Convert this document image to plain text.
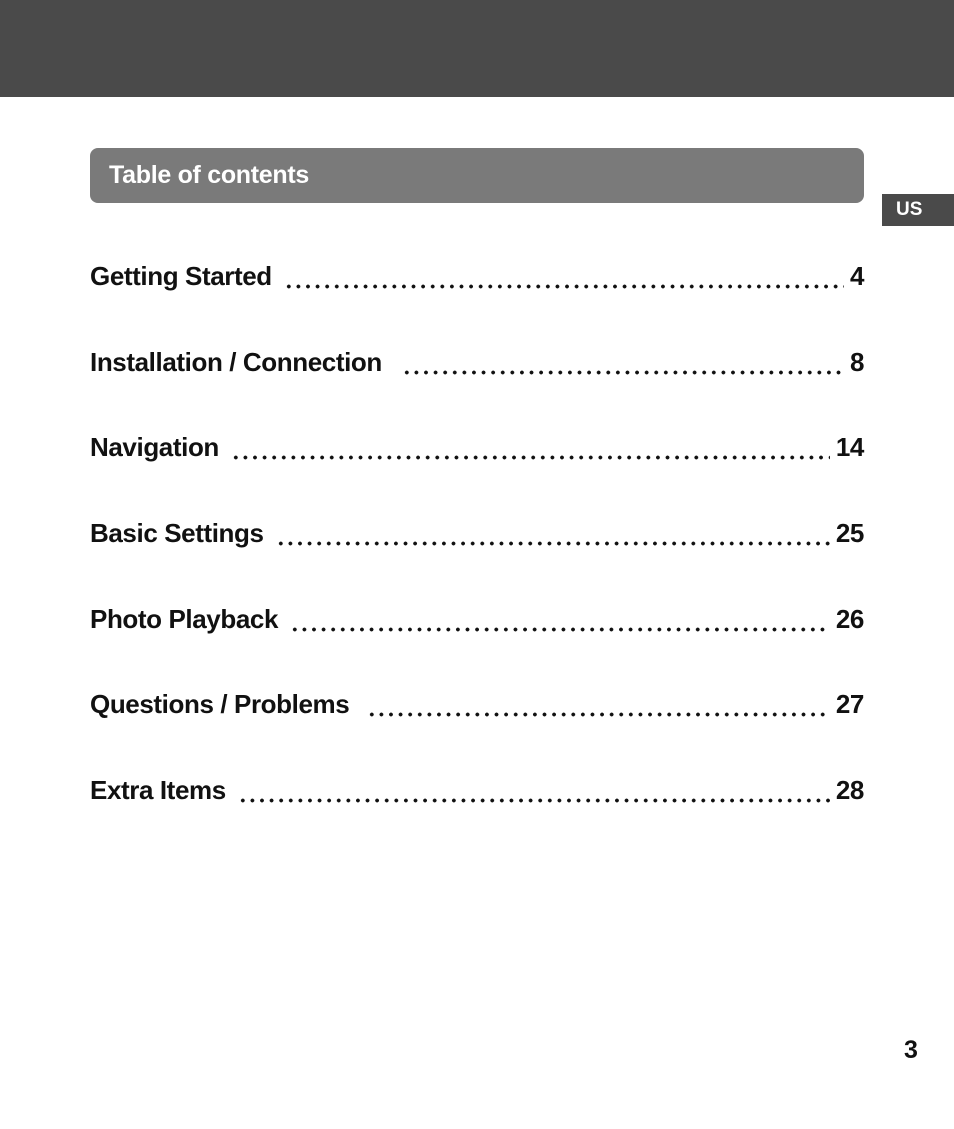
Table of contents
US
Getting Started	4
Installation / Connection	8
Navigation	14
Basic Settings	25
Photo Playback	26
Questions / Problems	27
Extra Items	28
3
